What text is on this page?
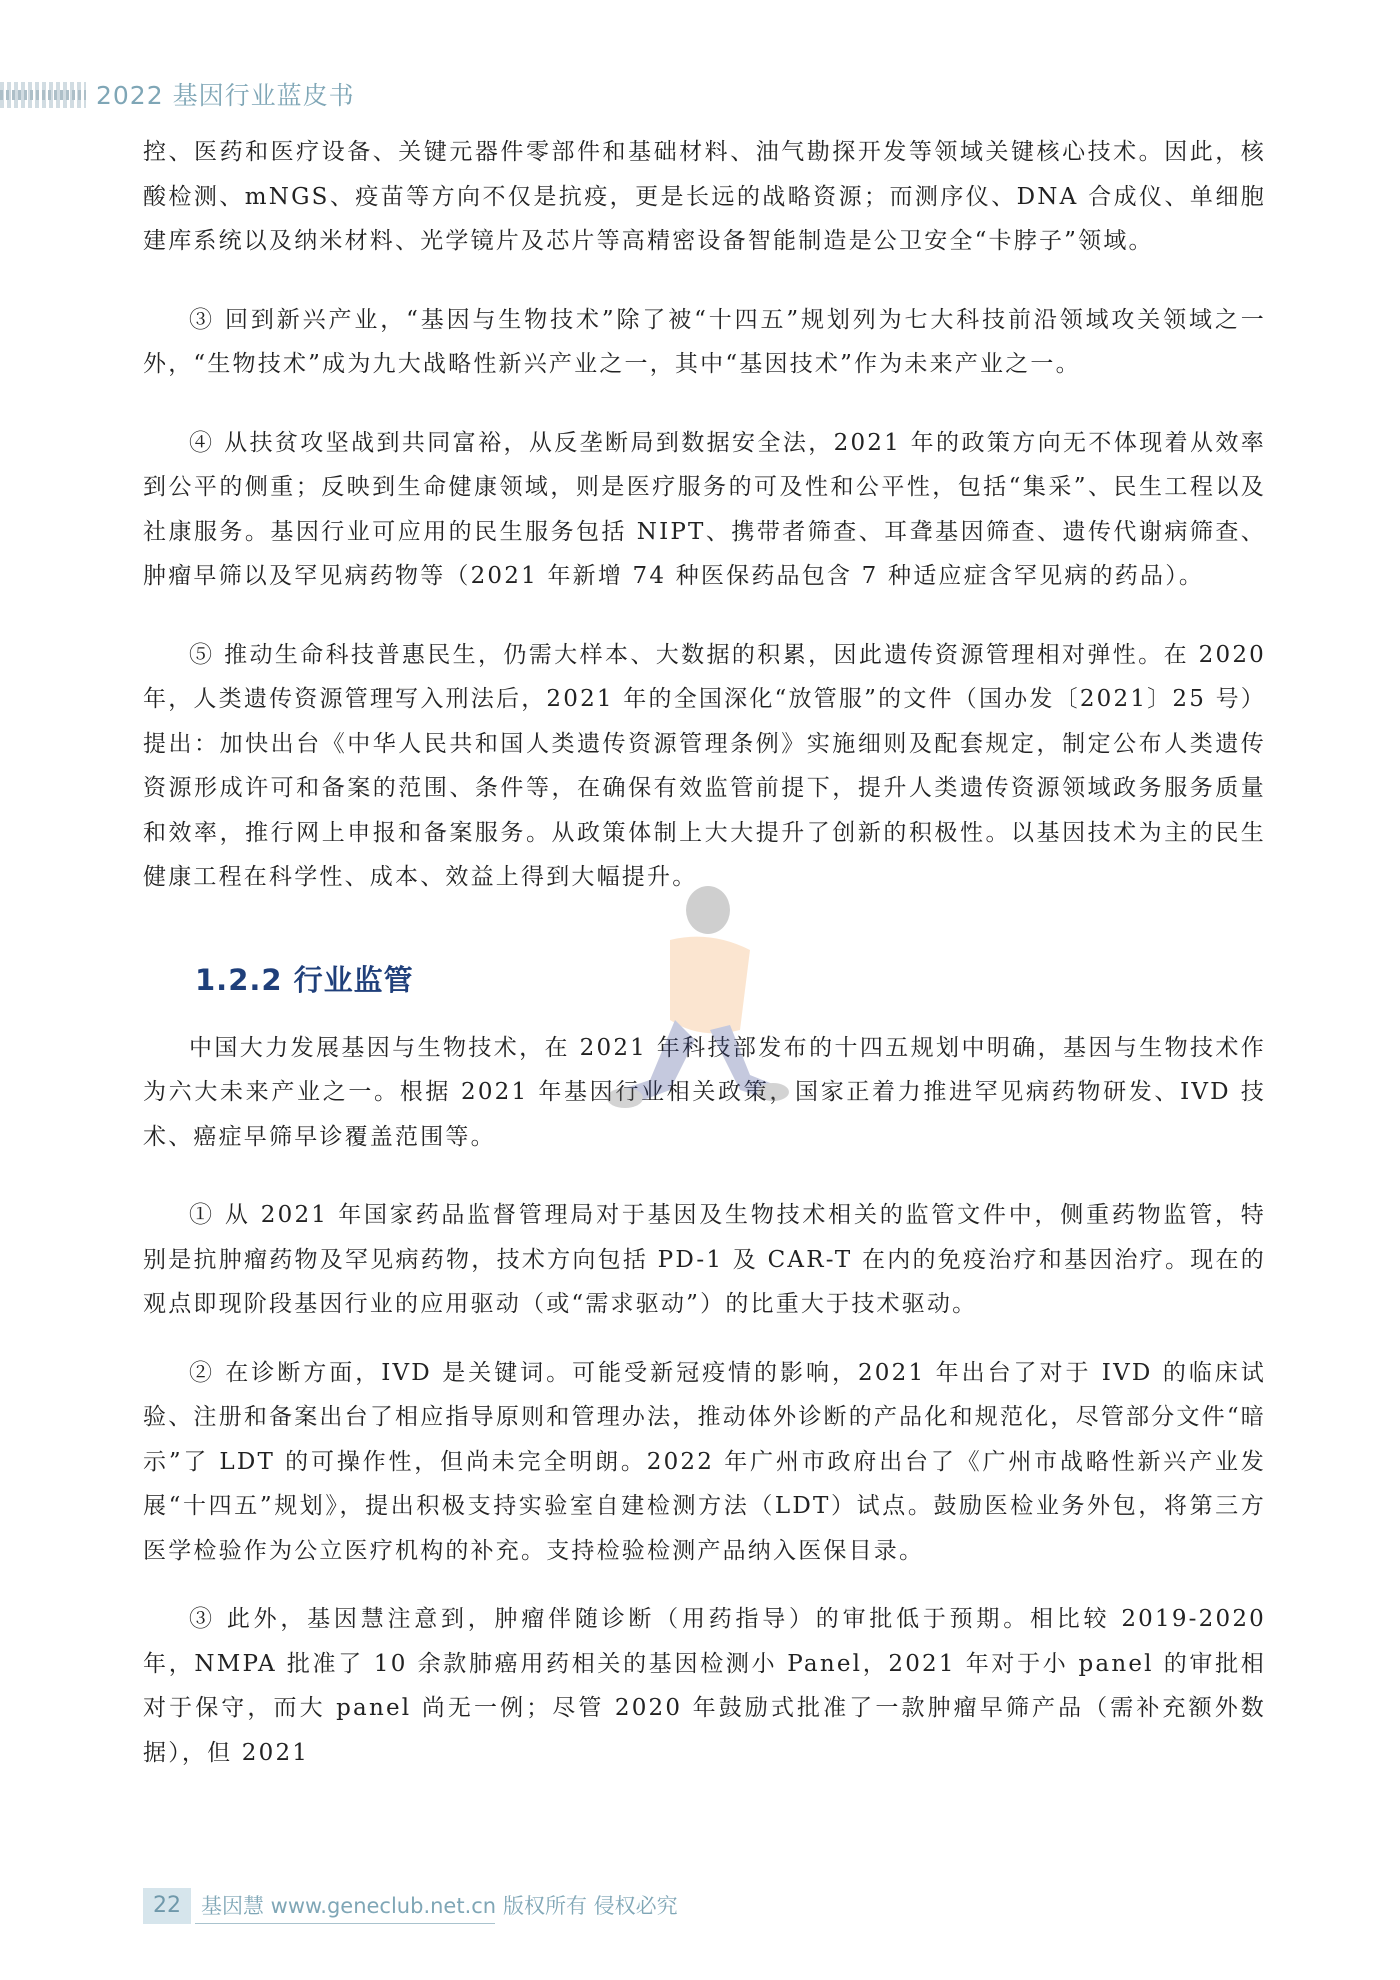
2022 基因行业蓝皮书

控、医药和医疗设备、关键元器件零部件和基础材料、油气勘探开发等领域关键核心技术。因此，核酸检测、mNGS、疫苗等方向不仅是抗疫，更是长远的战略资源；而测序仪、DNA 合成仪、单细胞建库系统以及纳米材料、光学镜片及芯片等高精密设备智能制造是公卫安全“卡脖子”领域。

③ 回到新兴产业，“基因与生物技术”除了被“十四五”规划列为七大科技前沿领域攻关领域之一外，“生物技术”成为九大战略性新兴产业之一，其中“基因技术”作为未来产业之一。

④ 从扶贫攻坚战到共同富裕，从反垄断局到数据安全法，2021 年的政策方向无不体现着从效率到公平的侧重；反映到生命健康领域，则是医疗服务的可及性和公平性，包括“集采”、民生工程以及社康服务。基因行业可应用的民生服务包括 NIPT、携带者筛查、耳聋基因筛查、遗传代谢病筛查、肿瘤早筛以及罕见病药物等（2021 年新增 74 种医保药品包含 7 种适应症含罕见病的药品）。

⑤ 推动生命科技普惠民生，仍需大样本、大数据的积累，因此遗传资源管理相对弹性。在 2020 年，人类遗传资源管理写入刑法后，2021 年的全国深化“放管服”的文件（国办发〔2021〕25 号）提出：加快出台《中华人民共和国人类遗传资源管理条例》实施细则及配套规定，制定公布人类遗传资源形成许可和备案的范围、条件等，在确保有效监管前提下，提升人类遗传资源领域政务服务质量和效率，推行网上申报和备案服务。从政策体制上大大提升了创新的积极性。以基因技术为主的民生健康工程在科学性、成本、效益上得到大幅提升。

1.2.2 行业监管

中国大力发展基因与生物技术，在 2021 年科技部发布的十四五规划中明确，基因与生物技术作为六大未来产业之一。根据 2021 年基因行业相关政策，国家正着力推进罕见病药物研发、IVD 技术、癌症早筛早诊覆盖范围等。

① 从 2021 年国家药品监督管理局对于基因及生物技术相关的监管文件中，侧重药物监管，特别是抗肿瘤药物及罕见病药物，技术方向包括 PD-1 及 CAR-T 在内的免疫治疗和基因治疗。现在的观点即现阶段基因行业的应用驱动（或“需求驱动”）的比重大于技术驱动。

② 在诊断方面，IVD 是关键词。可能受新冠疫情的影响，2021 年出台了对于 IVD 的临床试验、注册和备案出台了相应指导原则和管理办法，推动体外诊断的产品化和规范化，尽管部分文件“暗示”了 LDT 的可操作性，但尚未完全明朗。2022 年广州市政府出台了《广州市战略性新兴产业发展“十四五”规划》，提出积极支持实验室自建检测方法（LDT）试点。鼓励医检业务外包，将第三方医学检验作为公立医疗机构的补充。支持检验检测产品纳入医保目录。

③ 此外，基因慧注意到，肿瘤伴随诊断（用药指导）的审批低于预期。相比较 2019-2020 年，NMPA 批准了 10 余款肺癌用药相关的基因检测小 Panel，2021 年对于小 panel 的审批相对于保守，而大 panel 尚无一例；尽管 2020 年鼓励式批准了一款肿瘤早筛产品（需补充额外数据），但 2021

22 基因慧 www.geneclub.net.cn 版权所有 侵权必究
